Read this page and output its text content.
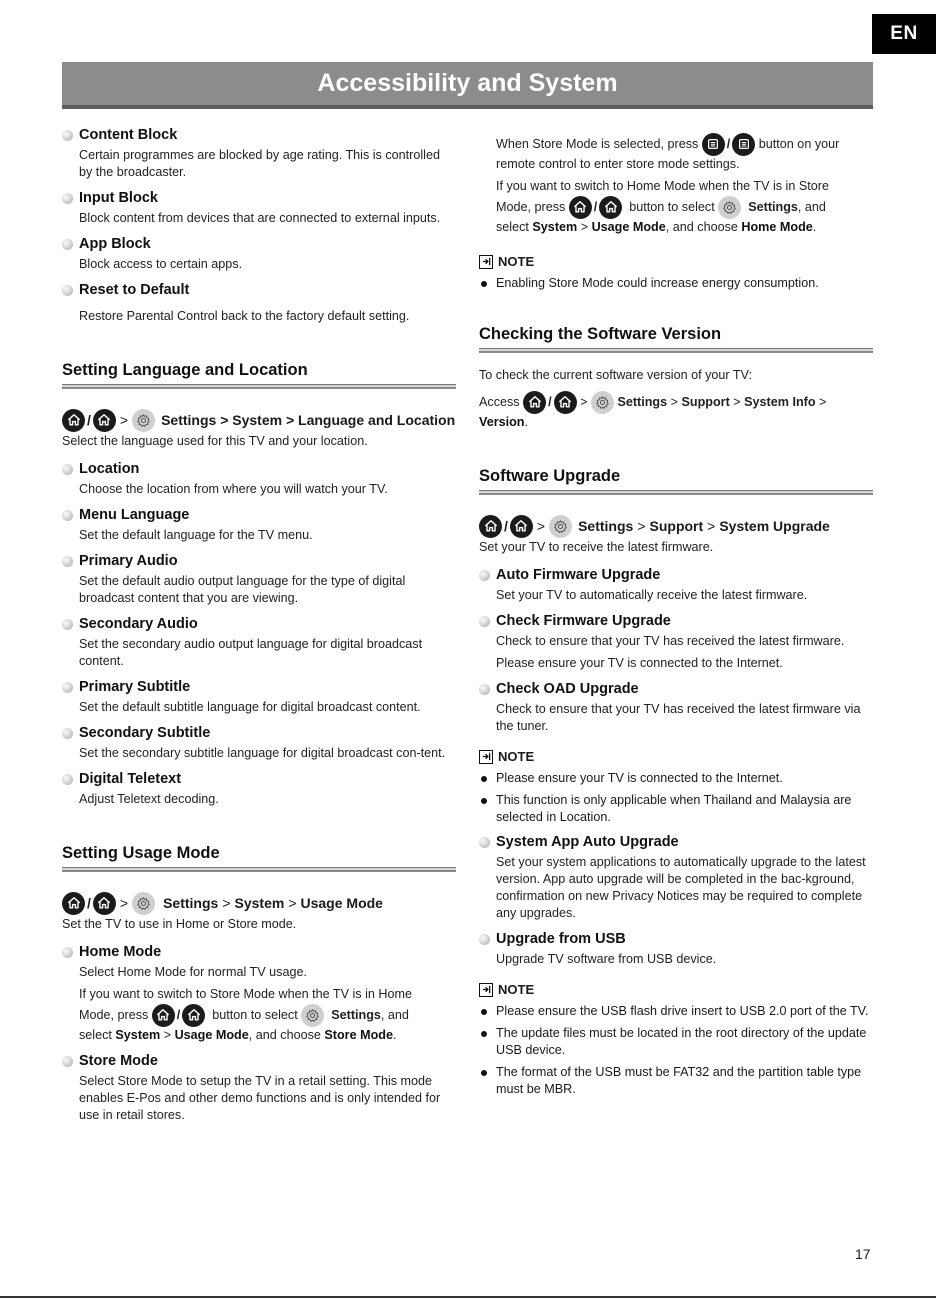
EN
Accessibility and System
Content Block
Certain programmes are blocked by age rating. This is controlled by the broadcaster.
Input Block
Block content from devices that are connected to external inputs.
App Block
Block access to certain apps.
Reset to Default
Restore Parental Control back to the factory default setting.
Setting Language and Location
/ > Settings > System > Language and Location
Select the language used for this TV and your location.
Location
Choose the location from where you will watch your TV.
Menu Language
Set the default language for the TV menu.
Primary Audio
Set the default audio output language for the type of digital broadcast content that you are viewing.
Secondary Audio
Set the secondary audio output language for digital broadcast content.
Primary Subtitle
Set the default subtitle language for digital broadcast content.
Secondary Subtitle
Set the secondary subtitle language for digital broadcast con-tent.
Digital Teletext
Adjust Teletext decoding.
Setting Usage Mode
/ >	Settings > System > Usage Mode
Set the TV to use in Home or Store mode.
Home Mode
Select Home Mode for normal TV usage.
If you want to switch to Store Mode when the TV is in Home
Mode, press
/
	button to select

	Settings , and
select System > Usage Mode, and choose Store Mode.
Store Mode
Select Store Mode to setup the TV in a retail setting. This mode enables E-Pos and other demo functions and is only intended for use in retail stores.
When Store Mode is selected, press
/
button on your
remote control to enter store mode settings.
If you want to switch to Home Mode when the TV is in Store
Mode, press
/
	button to select

	Settings , and
select System > Usage Mode, and choose Home Mode.
NOTE
Enabling Store Mode could increase energy consumption.
Checking the Software Version
To check the current software version of your TV:
Access
/ >
Settings > Support > System Info >
Version.
Software Upgrade
/ > Settings > Support > System Upgrade
Set your TV to receive the latest firmware.
Auto Firmware Upgrade
Set your TV to automatically receive the latest firmware.
Check Firmware Upgrade
Check to ensure that your TV has received the latest firmware.
Please ensure your TV is connected to the Internet.
Check OAD Upgrade
Check to ensure that your TV has received the latest firmware via the tuner.
NOTE
Please ensure your TV is connected to the Internet.
This function is only applicable when Thailand and Malaysia are selected in Location.
System App Auto Upgrade
Set your system applications to automatically upgrade to the latest version. App auto upgrade will be completed in the bac-kground, confirmation on new Privacy Notices may be required to complete any upgrades.
Upgrade from USB
Upgrade TV software from USB device.
NOTE
Please ensure the USB flash drive insert to USB 2.0 port of the TV.
The update files must be located in the root directory of the update USB device.
The format of the USB must be FAT32 and the partition table type must be MBR.
17
